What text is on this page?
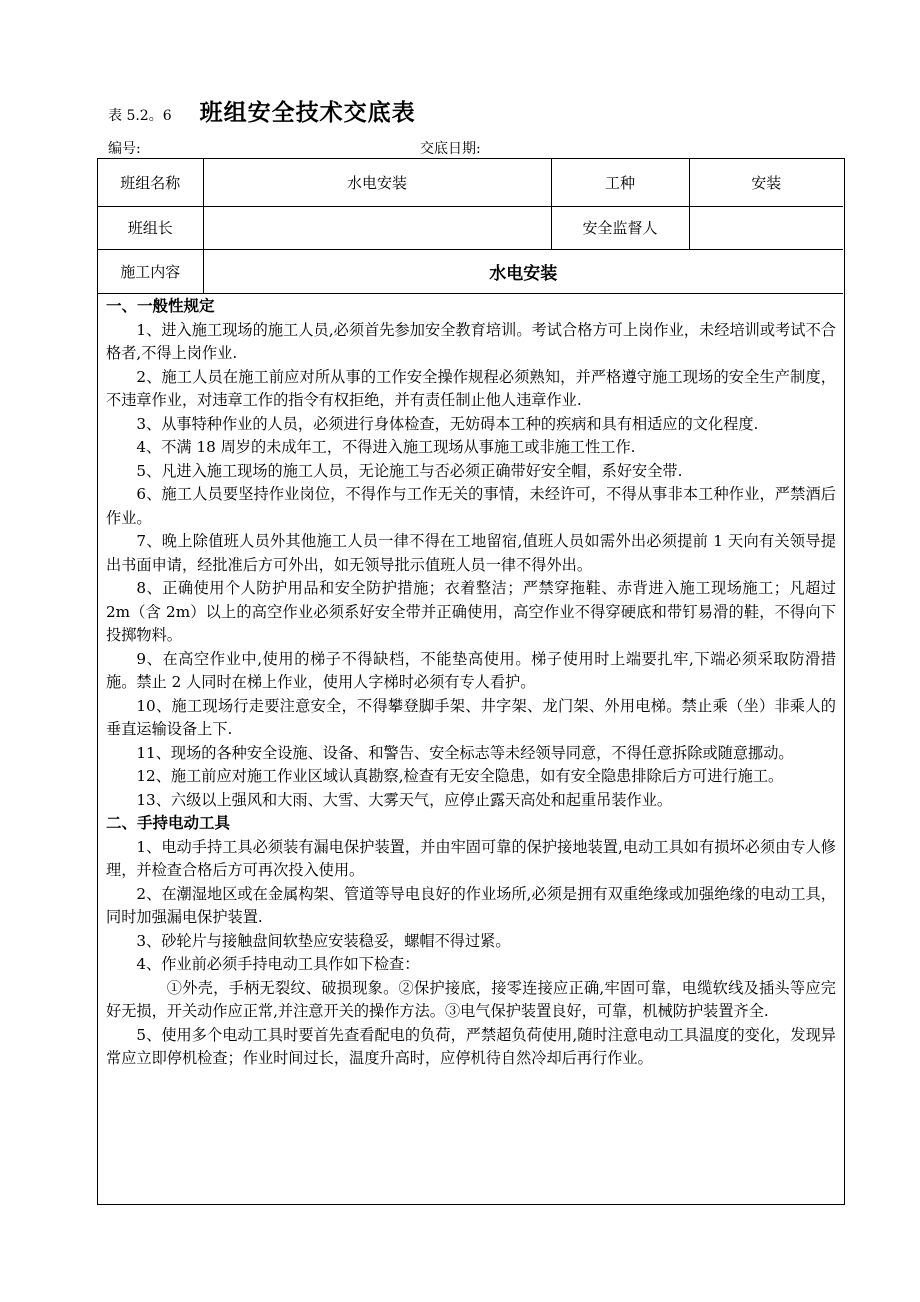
表 5.2。6 班组安全技术交底表
编号:	交底日期:
班组名称	水电安装	工种	安装
班组长		安全监督人	
施工内容	水电安装		
一、一般性规定

1、进入施工现场的施工人员,必须首先参加安全教育培训。考试合格方可上岗作业，未经培训或考试不合格者,不得上岗作业.

2、施工人员在施工前应对所从事的工作安全操作规程必须熟知，并严格遵守施工现场的安全生产制度，不违章作业，对违章工作的指令有权拒绝，并有责任制止他人违章作业.

3、从事特种作业的人员，必须进行身体检查，无妨碍本工种的疾病和具有相适应的文化程度.

4、不满 18 周岁的未成年工，不得进入施工现场从事施工或非施工性工作.

5、凡进入施工现场的施工人员，无论施工与否必须正确带好安全帽，系好安全带.

6、施工人员要坚持作业岗位，不得作与工作无关的事情，未经许可，不得从事非本工种作业，严禁酒后作业。

7、晚上除值班人员外其他施工人员一律不得在工地留宿,值班人员如需外出必须提前 1 天向有关领导提出书面申请，经批准后方可外出，如无领导批示值班人员一律不得外出。

8、正确使用个人防护用品和安全防护措施；衣着整洁；严禁穿拖鞋、赤背进入施工现场施工；凡超过 2m（含 2m）以上的高空作业必须系好安全带并正确使用，高空作业不得穿硬底和带钉易滑的鞋，不得向下投掷物料。

9、在高空作业中,使用的梯子不得缺档，不能垫高使用。梯子使用时上端要扎牢,下端必须采取防滑措施。禁止 2 人同时在梯上作业，使用人字梯时必须有专人看护。

10、施工现场行走要注意安全，不得攀登脚手架、井字架、龙门架、外用电梯。禁止乘（坐）非乘人的垂直运输设备上下.

11、现场的各种安全设施、设备、和警告、安全标志等未经领导同意，不得任意拆除或随意挪动。

12、施工前应对施工作业区域认真勘察,检查有无安全隐患，如有安全隐患排除后方可进行施工。

13、六级以上强风和大雨、大雪、大雾天气，应停止露天高处和起重吊装作业。

二、手持电动工具

1、电动手持工具必须装有漏电保护装置，并由牢固可靠的保护接地装置,电动工具如有损坏必须由专人修理，并检查合格后方可再次投入使用。

2、在潮湿地区或在金属构架、管道等导电良好的作业场所,必须是拥有双重绝缘或加强绝缘的电动工具，同时加强漏电保护装置.

3、砂轮片与接触盘间软垫应安装稳妥，螺帽不得过紧。

4、作业前必须手持电动工具作如下检查：

①外壳，手柄无裂纹、破损现象。②保护接底，接零连接应正确,牢固可靠，电缆软线及插头等应完好无损，开关动作应正常,并注意开关的操作方法。③电气保护装置良好，可靠，机械防护装置齐全.

5、使用多个电动工具时要首先查看配电的负荷，严禁超负荷使用,随时注意电动工具温度的变化，发现异常应立即停机检查；作业时间过长，温度升高时，应停机待自然冷却后再行作业。
